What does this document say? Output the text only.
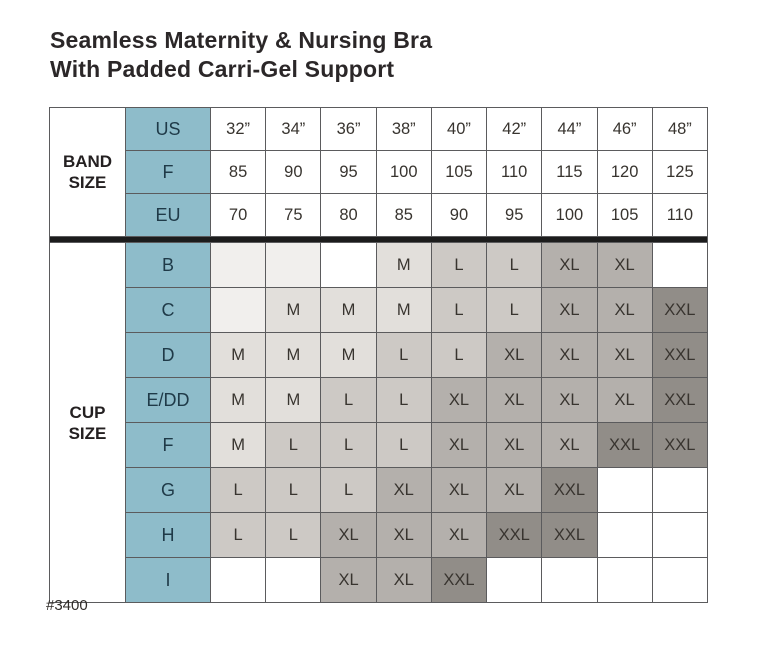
Seamless Maternity & Nursing Bra
With Padded Carri-Gel Support
BAND
SIZE	US	32”	34”	36”	38”	40”	42”	44”	46”	48”
	F	85	90	95	100	105	110	115	120	125
	EU	70	75	80	85	90	95	100	105	110

CUP
SIZE	B				M	L	L	XL	XL	
	C		M	M	M	L	L	XL	XL	XXL
	D	M	M	M	L	L	XL	XL	XL	XXL
	E/DD	M	M	L	L	XL	XL	XL	XL	XXL
	F	M	L	L	L	XL	XL	XL	XXL	XXL
	G	L	L	L	XL	XL	XL	XXL		
	H	L	L	XL	XL	XL	XXL	XXL		
	I			XL	XL	XXL				
#3400
